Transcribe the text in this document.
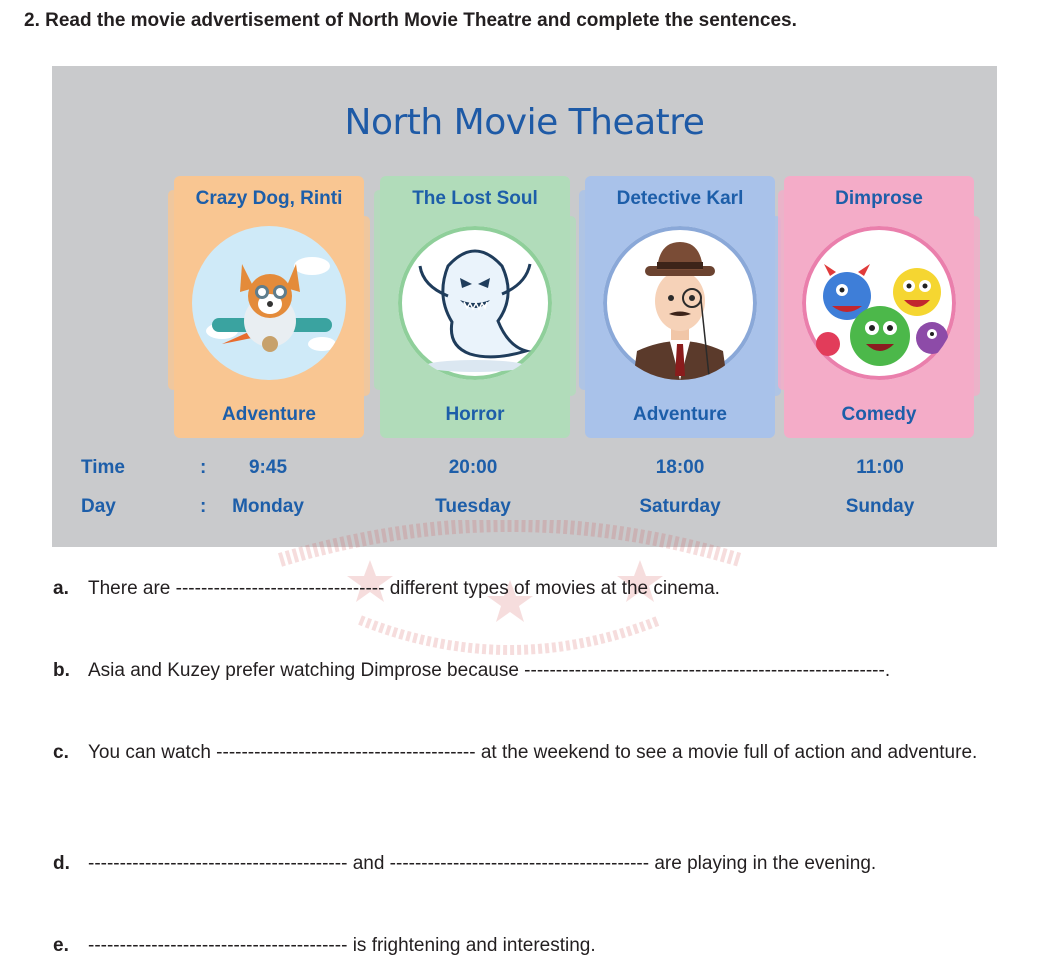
2. Read the movie advertisement of North Movie Theatre and complete the sentences.
North Movie Theatre
Crazy Dog, Rinti
Adventure
The Lost Soul
Horror
Detective Karl
Adventure
Dimprose
Comedy
Time	:	9:45	20:00	18:00	11:00
Day	:	Monday	Tuesday	Saturday	Sunday
a. There are --------------------------------- different types of movies at the cinema.
b. Asia and Kuzey prefer watching Dimprose because ---------------------------------------------------------.
c. You can watch ----------------------------------------- at the weekend to see a movie full of action and adventure.
d. ----------------------------------------- and ----------------------------------------- are playing in the evening.
e. ----------------------------------------- is frightening and interesting.
